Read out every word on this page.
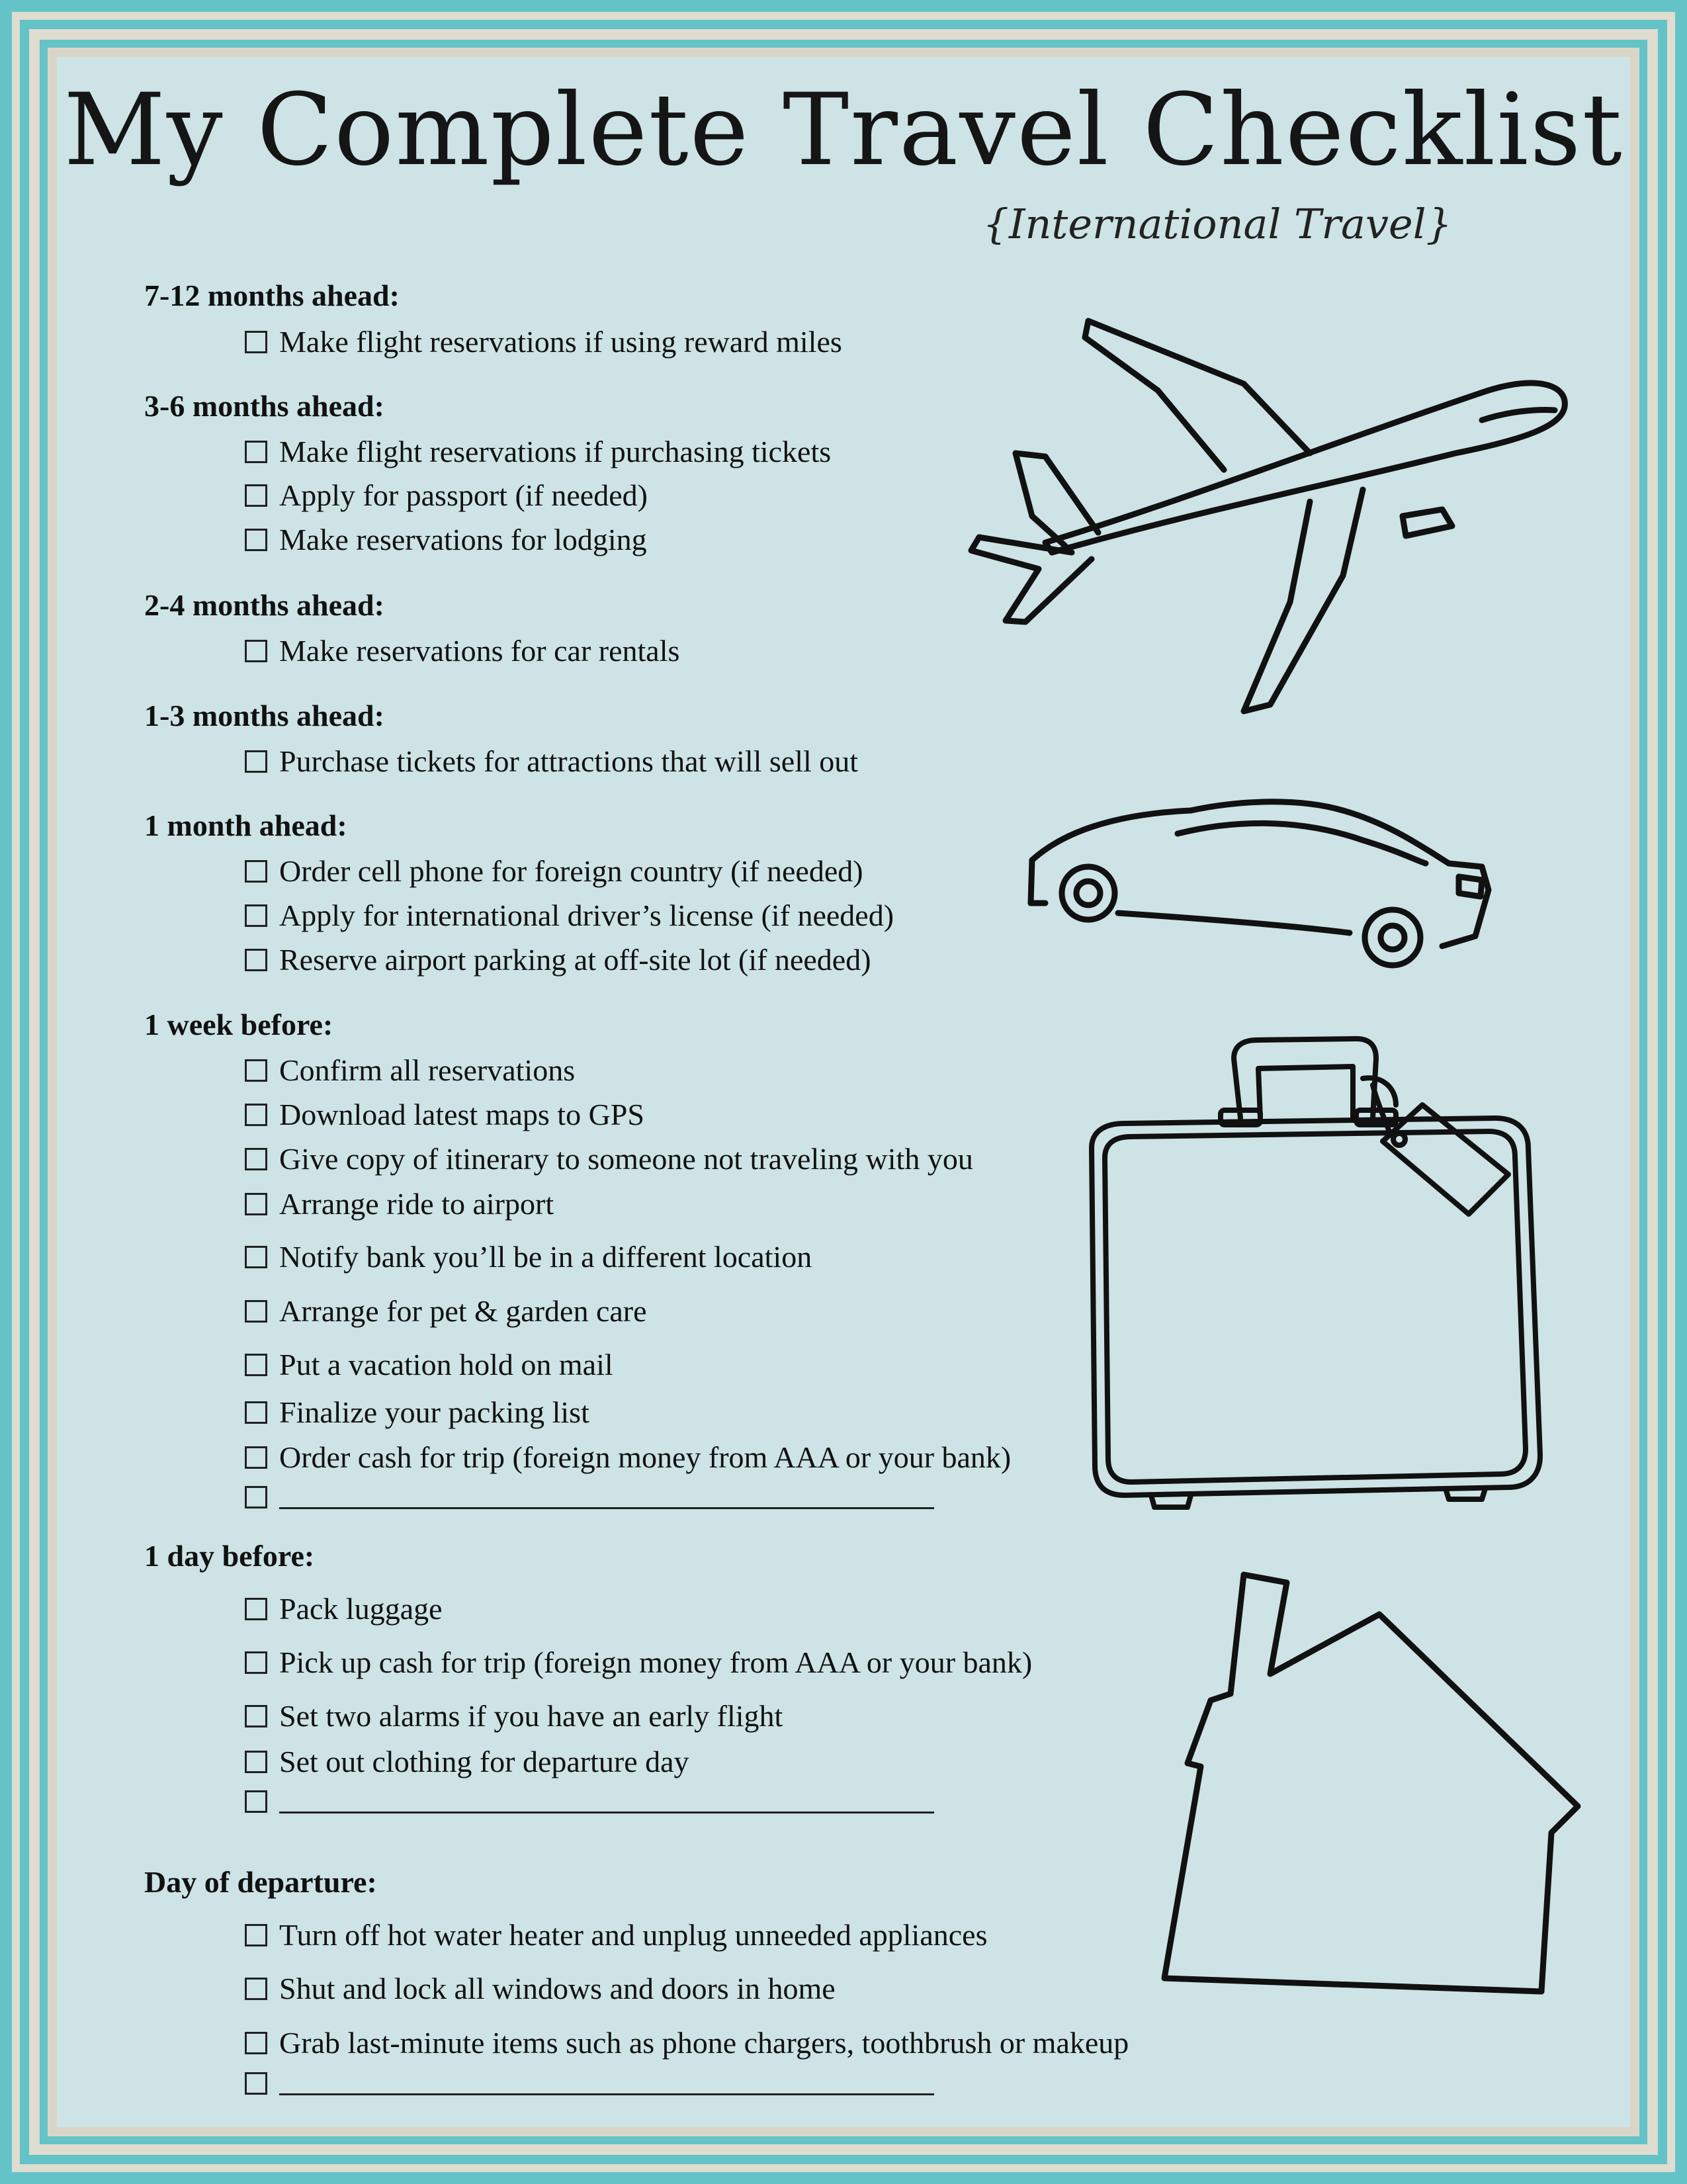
My Complete Travel Checklist
{International Travel}
7-12 months ahead:
Make flight reservations if using reward miles
3-6 months ahead:
Make flight reservations if purchasing tickets
Apply for passport (if needed)
Make reservations for lodging
2-4 months ahead:
Make reservations for car rentals
1-3 months ahead:
Purchase tickets for attractions that will sell out
1 month ahead:
Order cell phone for foreign country (if needed)
Apply for international driver’s license (if needed)
Reserve airport parking at off-site lot (if needed)
1 week before:
Confirm all reservations
Download latest maps to GPS
Give copy of itinerary to someone not traveling with you
Arrange ride to airport
Notify bank you’ll be in a different location
Arrange for pet & garden care
Put a vacation hold on mail
Finalize your packing list
Order cash for trip (foreign money from AAA or your bank)
1 day before:
Pack luggage
Pick up cash for trip (foreign money from AAA or your bank)
Set two alarms if you have an early flight
Set out clothing for departure day
Day of departure:
Turn off hot water heater and unplug unneeded appliances
Shut and lock all windows and doors in home
Grab last-minute items such as phone chargers, toothbrush or makeup
